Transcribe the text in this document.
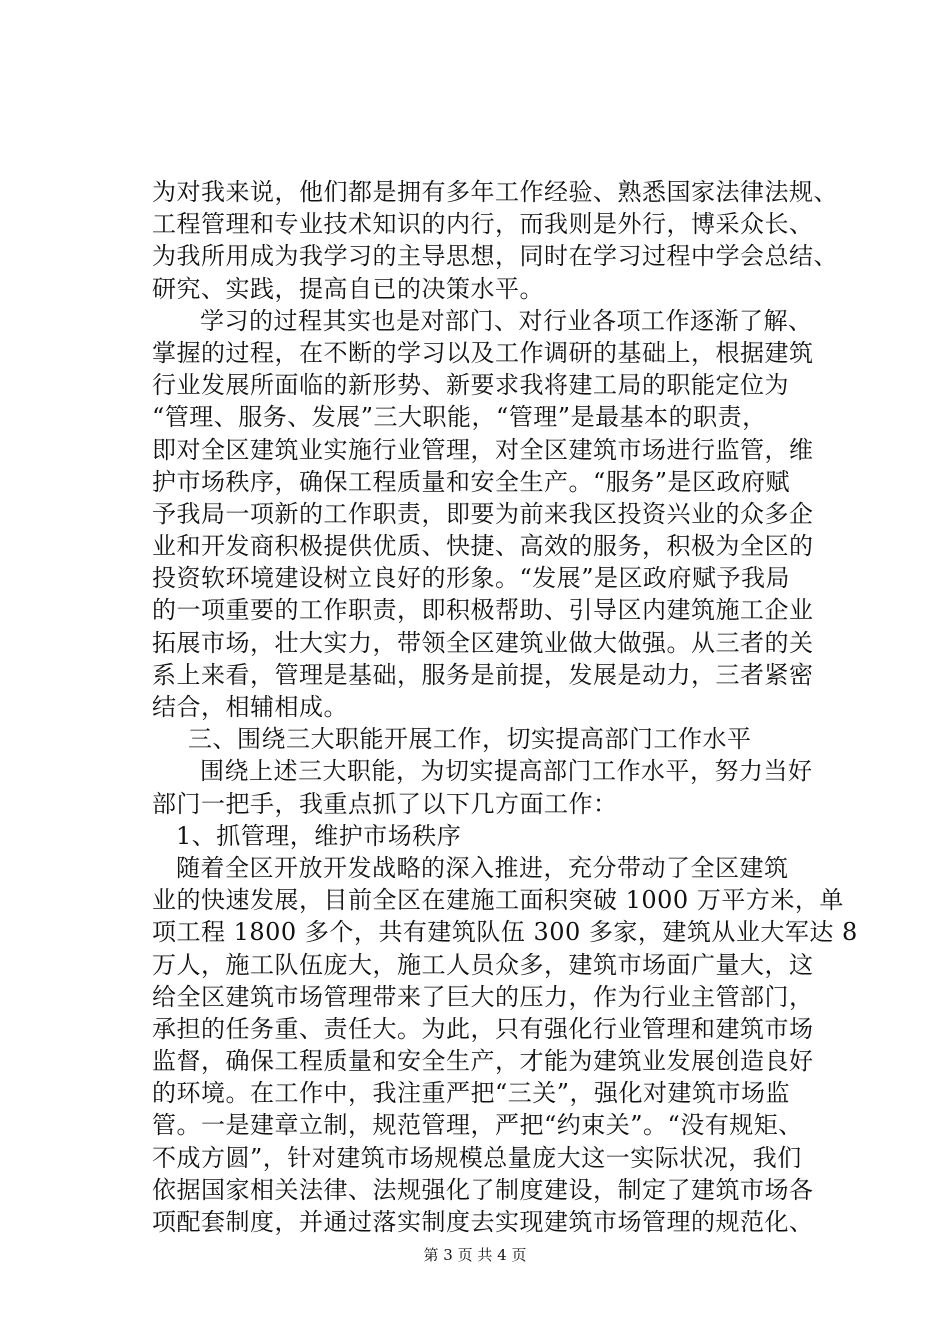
为对我来说，他们都是拥有多年工作经验、熟悉国家法律法规、
工程管理和专业技术知识的内行，而我则是外行，博采众长、
为我所用成为我学习的主导思想，同时在学习过程中学会总结、
研究、实践，提高自已的决策水平。
学习的过程其实也是对部门、对行业各项工作逐渐了解、
掌握的过程，在不断的学习以及工作调研的基础上，根据建筑
行业发展所面临的新形势、新要求我将建工局的职能定位为
“管理、服务、发展”三大职能，“管理”是最基本的职责，
即对全区建筑业实施行业管理，对全区建筑市场进行监管，维
护市场秩序，确保工程质量和安全生产。“服务”是区政府赋
予我局一项新的工作职责，即要为前来我区投资兴业的众多企
业和开发商积极提供优质、快捷、高效的服务，积极为全区的
投资软环境建设树立良好的形象。“发展”是区政府赋予我局
的一项重要的工作职责，即积极帮助、引导区内建筑施工企业
拓展市场，壮大实力，带领全区建筑业做大做强。从三者的关
系上来看，管理是基础，服务是前提，发展是动力，三者紧密
结合，相辅相成。
三、围绕三大职能开展工作，切实提高部门工作水平
围绕上述三大职能，为切实提高部门工作水平，努力当好
部门一把手，我重点抓了以下几方面工作：
1、抓管理，维护市场秩序
随着全区开放开发战略的深入推进，充分带动了全区建筑
业的快速发展，目前全区在建施工面积突破 1000 万平方米，单
项工程 1800 多个，共有建筑队伍 300 多家，建筑从业大军达 8
万人，施工队伍庞大，施工人员众多，建筑市场面广量大，这
给全区建筑市场管理带来了巨大的压力，作为行业主管部门，
承担的任务重、责任大。为此，只有强化行业管理和建筑市场
监督，确保工程质量和安全生产，才能为建筑业发展创造良好
的环境。在工作中，我注重严把“三关”，强化对建筑市场监
管。一是建章立制，规范管理，严把“约束关”。“没有规矩、
不成方圆”，针对建筑市场规模总量庞大这一实际状况，我们
依据国家相关法律、法规强化了制度建设，制定了建筑市场各
项配套制度，并通过落实制度去实现建筑市场管理的规范化、
第 3 页 共 4 页
